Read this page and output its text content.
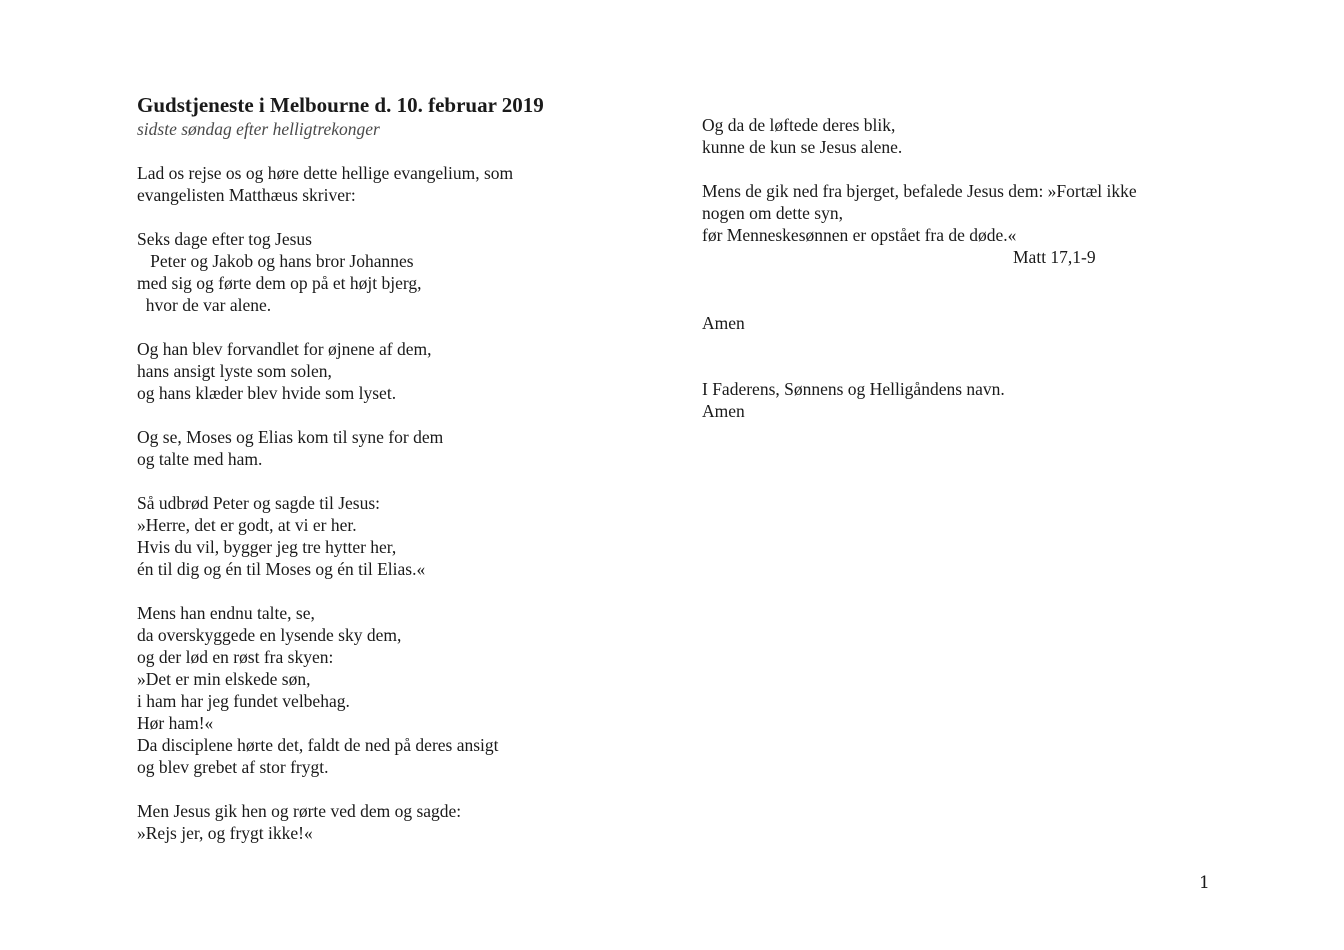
Gudstjeneste i Melbourne d. 10. februar 2019

sidste søndag efter helligtrekonger

Lad os rejse os og høre dette hellige evangelium, som
evangelisten Matthæus skriver:
Seks dage efter tog Jesus
Peter og Jakob og hans bror Johannes
med sig og førte dem op på et højt bjerg,
hvor de var alene.
Og han blev forvandlet for øjnene af dem,
hans ansigt lyste som solen,
og hans klæder blev hvide som lyset.
Og se, Moses og Elias kom til syne for dem
og talte med ham.
Så udbrød Peter og sagde til Jesus:
»Herre, det er godt, at vi er her.
Hvis du vil, bygger jeg tre hytter her,
én til dig og én til Moses og én til Elias.«
Mens han endnu talte, se,
da overskyggede en lysende sky dem,
og der lød en røst fra skyen:
»Det er min elskede søn,
i ham har jeg fundet velbehag.
Hør ham!«
Da disciplene hørte det, faldt de ned på deres ansigt
og blev grebet af stor frygt.
Men Jesus gik hen og rørte ved dem og sagde:
»Rejs jer, og frygt ikke!«
Og da de løftede deres blik,
kunne de kun se Jesus alene.
Mens de gik ned fra bjerget, befalede Jesus dem: »Fortæl ikke
nogen om dette syn,
før Menneskesønnen er opstået fra de døde.«
Matt 17,1-9
Amen
I Faderens, Sønnens og Helligåndens navn.
Amen
1
